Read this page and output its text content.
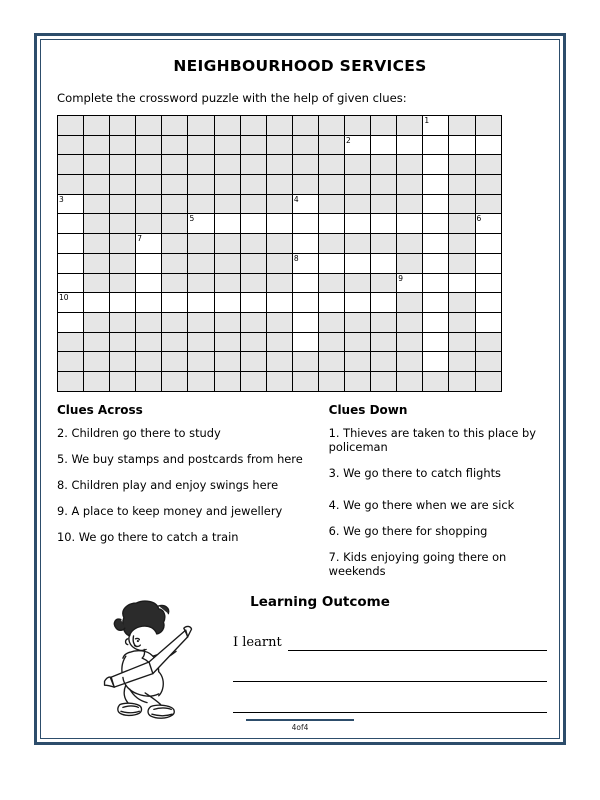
NEIGHBOURHOOD SERVICES
Complete the crossword puzzle with the help of given clues:

														1		

											2					

3									4							

					5											6

			7													

									8							

													9			

10																

Clues Across
2. Children go there to study
5. We buy stamps and postcards from here
8. Children play and enjoy swings here
9. A place to keep money and jewellery
10. We go there to catch a train
Clues Down
1. Thieves are taken to this place by policeman
3. We go there to catch flights
4. We go there when we are sick
6. We go there for shopping
7. Kids enjoying going there on weekends
Learning Outcome
I learnt
4of4
